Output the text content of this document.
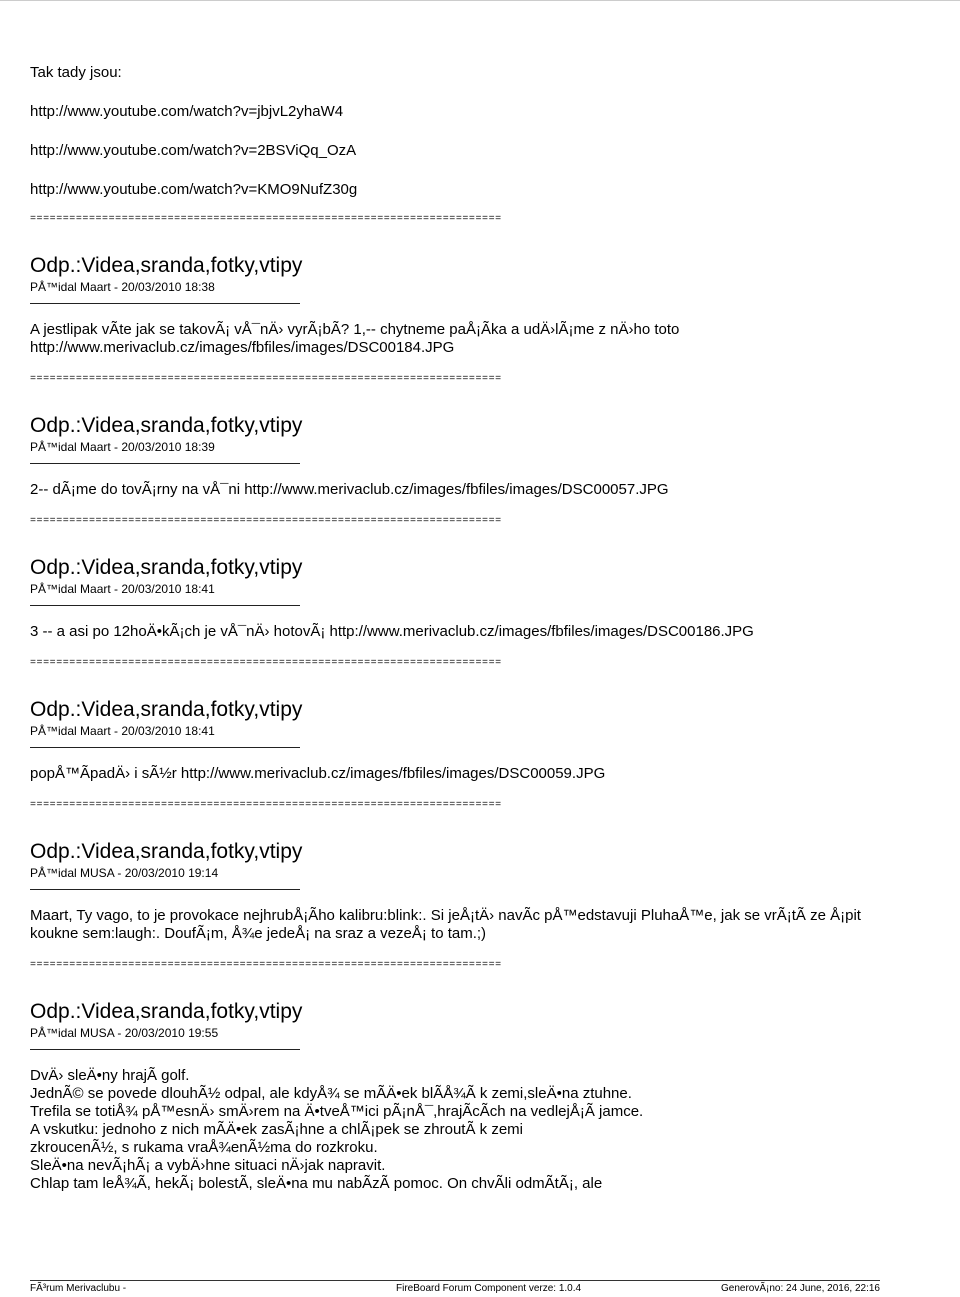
Tak tady jsou:

http://www.youtube.com/watch?v=jbjvL2yhaW4

http://www.youtube.com/watch?v=2BSViQq_OzA

http://www.youtube.com/watch?v=KMO9NufZ30g

========================================================================

Odp.:Videa,sranda,fotky,vtipy

PÅ™idal Maart - 20/03/2010 18:38

A jestlipak vÃte jak se takovÃ¡ vÅ¯nÄ› vyrÃ¡bÃ? 1,-- chytneme paÅ¡Ãka a udÄ›lÃ¡me z nÄ›ho toto
http://www.merivaclub.cz/images/fbfiles/images/DSC00184.JPG

========================================================================

Odp.:Videa,sranda,fotky,vtipy

PÅ™idal Maart - 20/03/2010 18:39

2-- dÃ¡me do tovÃ¡rny na vÅ¯ni http://www.merivaclub.cz/images/fbfiles/images/DSC00057.JPG

========================================================================

Odp.:Videa,sranda,fotky,vtipy

PÅ™idal Maart - 20/03/2010 18:41

3 -- a asi po 12hoÄ•kÃ¡ch je vÅ¯nÄ› hotovÃ¡ http://www.merivaclub.cz/images/fbfiles/images/DSC00186.JPG

========================================================================

Odp.:Videa,sranda,fotky,vtipy

PÅ™idal Maart - 20/03/2010 18:41

popÅ™ÃpadÄ› i sÃ½r http://www.merivaclub.cz/images/fbfiles/images/DSC00059.JPG

========================================================================

Odp.:Videa,sranda,fotky,vtipy

PÅ™idal MUSA - 20/03/2010 19:14

Maart, Ty vago, to je provokace nejhrubÅ¡Ãho kalibru:blink:. Si jeÅ¡tÄ› navÃc pÅ™edstavuji PluhaÅ™e, jak se vrÃ¡tÃ ze Å¡pit
koukne sem:laugh:. DoufÃ¡m, Å¾e jedeÅ¡ na sraz a vezeÅ¡ to tam.;)

========================================================================

Odp.:Videa,sranda,fotky,vtipy

PÅ™idal MUSA - 20/03/2010 19:55

DvÄ› sleÄ•ny hrajÃ golf.
JednÃ© se povede dlouhÃ½ odpal, ale kdyÅ¾ se mÃÄ•ek blÃÅ¾Ã k zemi,sleÄ•na ztuhne.
Trefila se totiÅ¾ pÅ™esnÄ› smÄ›rem na Ä•tveÅ™ici pÃ¡nÅ¯,hrajÃcÃch na vedlejÅ¡Ã jamce.
A vskutku: jednoho z nich mÃÄ•ek zasÃ¡hne a chlÃ¡pek se zhroutÃ k zemi
zkroucenÃ½, s rukama vraÅ¾enÃ½ma do rozkroku.
SleÄ•na nevÃ¡hÃ¡ a vybÄ›hne situaci nÄ›jak napravit.
Chlap tam leÅ¾Ã, hekÃ¡ bolestÃ, sleÄ•na mu nabÃzÃ pomoc. On chvÃli odmÃtÃ¡, ale

FÃ³rum Merivaclubu -	FireBoard Forum Component verze: 1.0.4	GenerovÃ¡no: 24 June, 2016, 22:16
